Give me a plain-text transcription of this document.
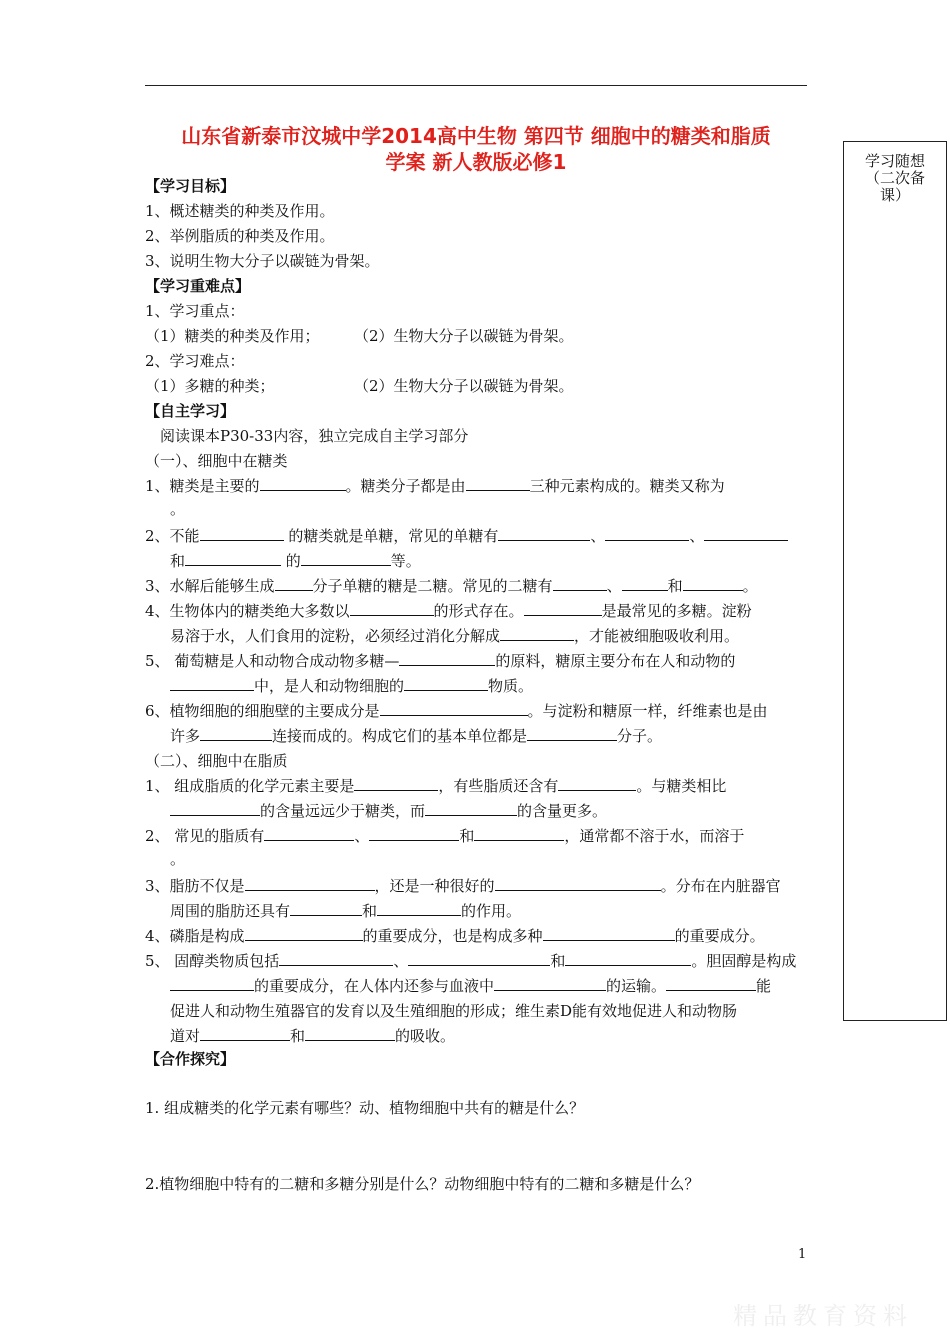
山东省新泰市汶城中学2014高中生物 第四节 细胞中的糖类和脂质
学案 新人教版必修1	学习随想
（二次备
课）
【学习目标】
1、概述糖类的种类及作用。
2、举例脂质的种类及作用。
3、说明生物大分子以碳链为骨架。
【学习重难点】
1、学习重点：
（1）糖类的种类及作用； （2）生物大分子以碳链为骨架。
2、学习难点：
（1）多糖的种类；	（2）生物大分子以碳链为骨架。
【自主学习】
阅读课本P30-33内容，独立完成自主学习部分
（一）、细胞中在糖类
1、糖类是主要的	。糖类分子都是由	三种元素构成的。糖类又称为
。
2、不能	的糖类就是单糖，常见的单糖有	、	、
和	的	等。
3、水解后能够生成	分子单糖的糖是二糖。常见的二糖有	、	和	。
4、生物体内的糖类绝大多数以	的形式存在。	是最常见的多糖。淀粉
易溶于水，人们食用的淀粉，必须经过消化分解成	，才能被细胞吸收利用。
5、 葡萄糖是人和动物合成动物多糖—	的原料，糖原主要分布在人和动物的
中，是人和动物细胞的	物质。
6、植物细胞的细胞壁的主要成分是	。与淀粉和糖原一样，纤维素也是由
许多	连接而成的。构成它们的基本单位都是	分子。
（二）、细胞中在脂质
1、 组成脂质的化学元素主要是	，有些脂质还含有	。与糖类相比
的含量远远少于糖类，而	的含量更多。
2、 常见的脂质有	、	和	，通常都不溶于水，而溶于
。
3、脂肪不仅是	，还是一种很好的	。分布在内脏器官
周围的脂肪还具有	和	的作用。
4、磷脂是构成	的重要成分，也是构成多种	的重要成分。
5、 固醇类物质包括	、	和	。胆固醇是构成
的重要成分，在人体内还参与血液中	的运输。	能
促进人和动物生殖器官的发育以及生殖细胞的形成；维生素D能有效地促进人和动物肠
道对	和	的吸收。
【合作探究】
1. 组成糖类的化学元素有哪些？动、植物细胞中共有的糖是什么？
2.植物细胞中特有的二糖和多糖分别是什么？动物细胞中特有的二糖和多糖是什么？
1
精品教育资料
